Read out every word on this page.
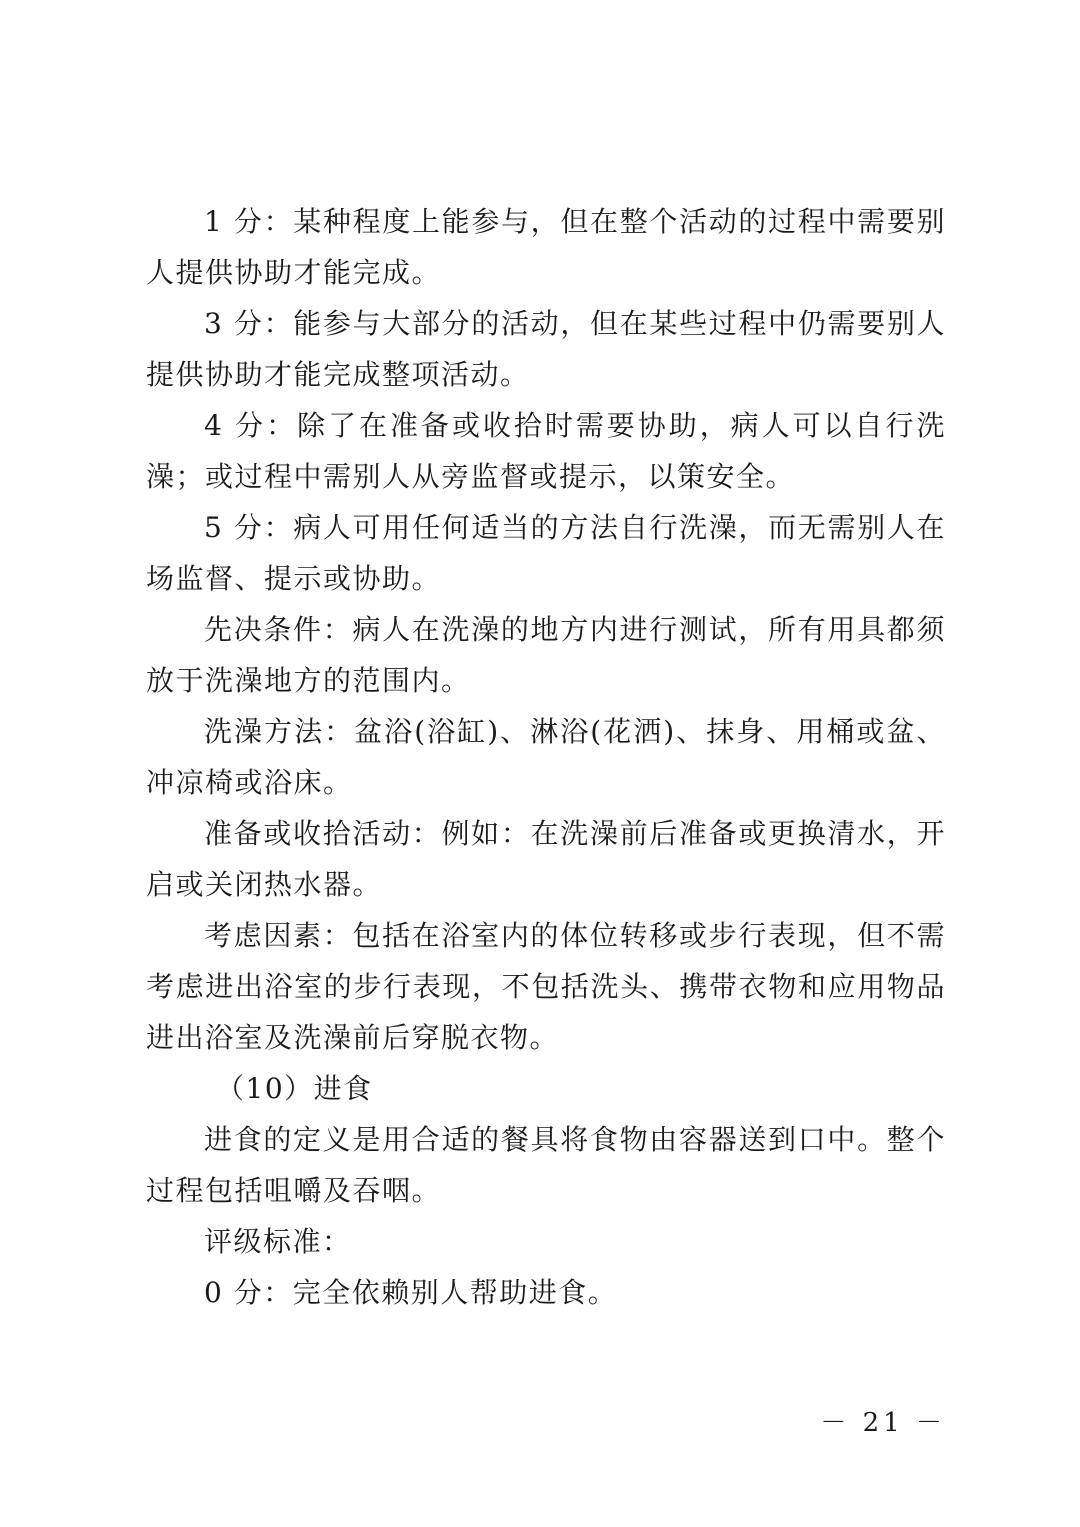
1 分：某种程度上能参与，但在整个活动的过程中需要别人提供协助才能完成。

3 分：能参与大部分的活动，但在某些过程中仍需要别人提供协助才能完成整项活动。

4 分：除了在准备或收拾时需要协助，病人可以自行洗澡；或过程中需别人从旁监督或提示，以策安全。

5 分：病人可用任何适当的方法自行洗澡，而无需别人在场监督、提示或协助。

先决条件：病人在洗澡的地方内进行测试，所有用具都须放于洗澡地方的范围内。

洗澡方法：盆浴(浴缸)、淋浴(花洒)、抹身、用桶或盆、冲凉椅或浴床。

准备或收拾活动：例如：在洗澡前后准备或更换清水，开启或关闭热水器。

考虑因素：包括在浴室内的体位转移或步行表现，但不需考虑进出浴室的步行表现，不包括洗头、携带衣物和应用物品进出浴室及洗澡前后穿脱衣物。

（10）进食

进食的定义是用合适的餐具将食物由容器送到口中。整个过程包括咀嚼及吞咽。

评级标准：

0 分：完全依赖别人帮助进食。

－ 21 －
